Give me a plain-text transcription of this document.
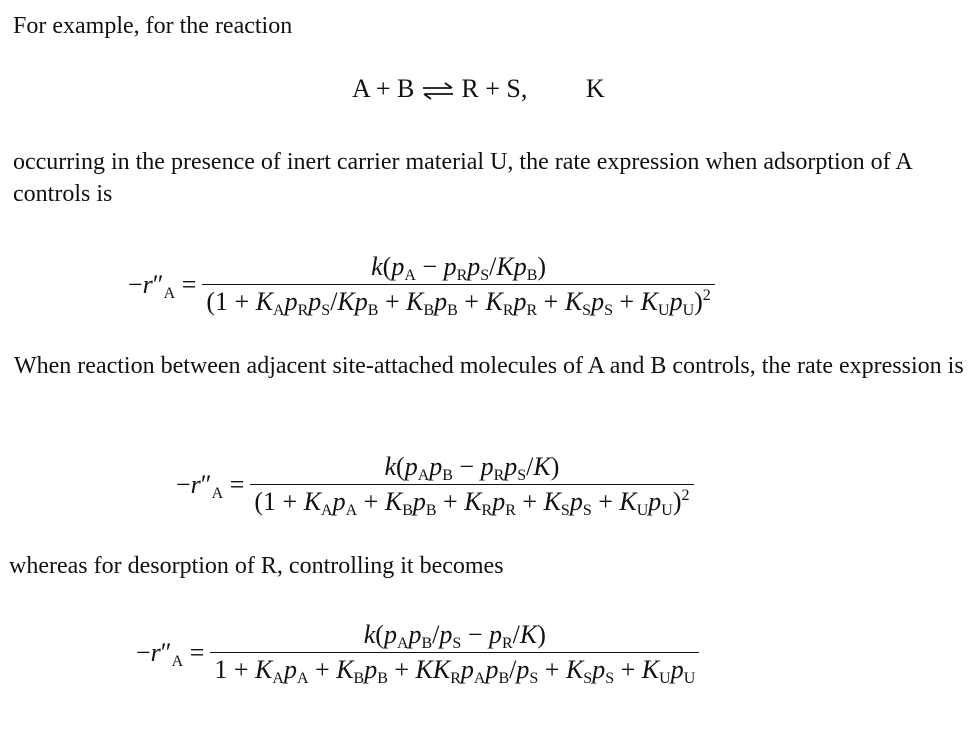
For example, for the reaction

A + B ⇌ R + S, K

occurring in the presence of inert carrier material U, the rate expression when adsorption of A controls is

$-r''_A = \frac{k(p_A - p_Rp_S/Kp_B)}{(1 + K_Ap_Rp_S/Kp_B + K_Bp_B + K_Rp_R + K_Sp_S + K_Up_U)^2}$

When reaction between adjacent site-attached molecules of A and B controls, the rate expression is

$-r''_A = \frac{k(p_Ap_B - p_Rp_S/K)}{(1 + K_Ap_A + K_Bp_B + K_Rp_R + K_Sp_S + K_Up_U)^2}$

whereas for desorption of R, controlling it becomes

$-r''_A = \frac{k(p_Ap_B/p_S - p_R/K)}{1 + K_Ap_A + K_Bp_B + KK_Rp_Ap_B/p_S + K_Sp_S + K_Up_U}$
